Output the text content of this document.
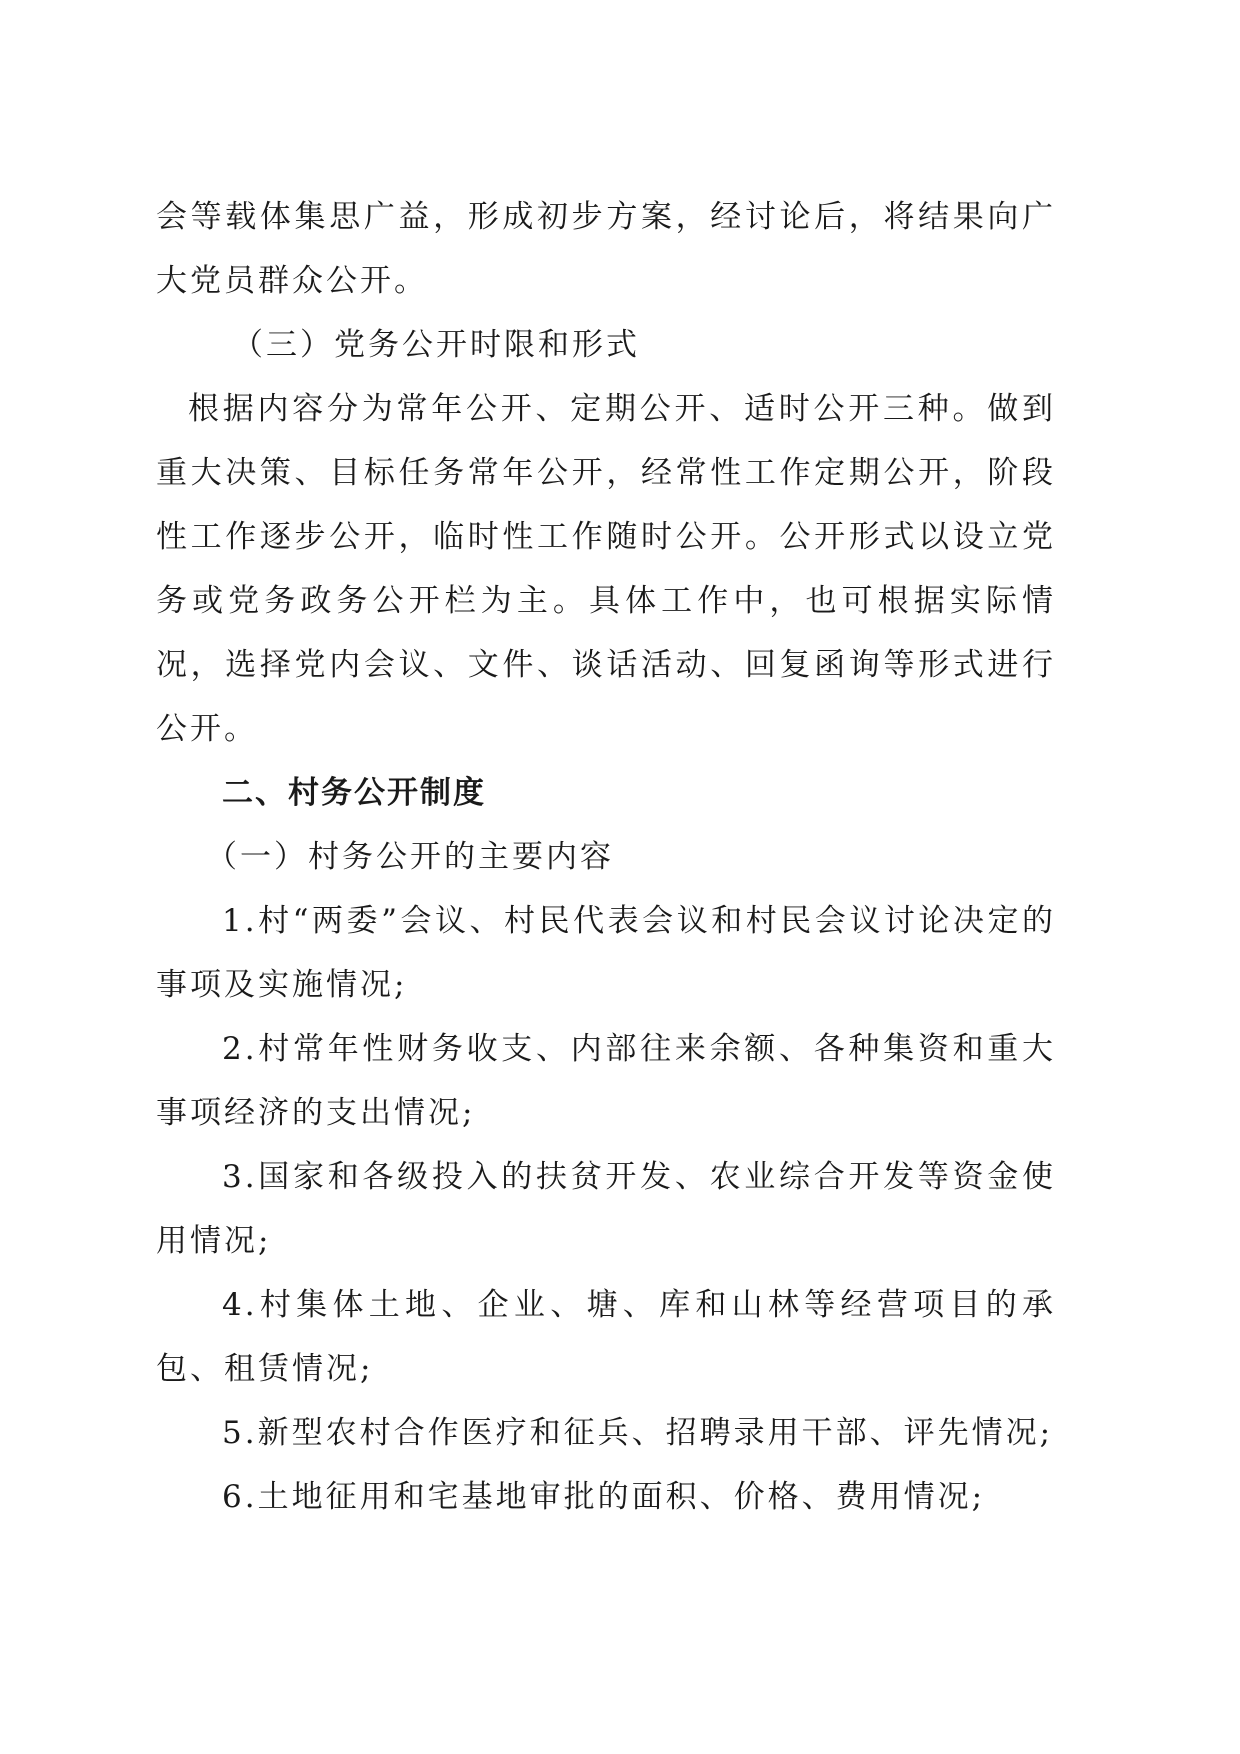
会等载体集思广益，形成初步方案，经讨论后，将结果向广大党员群众公开。

（三）党务公开时限和形式

根据内容分为常年公开、定期公开、适时公开三种。做到重大决策、目标任务常年公开，经常性工作定期公开，阶段性工作逐步公开，临时性工作随时公开。公开形式以设立党务或党务政务公开栏为主。具体工作中，也可根据实际情况，选择党内会议、文件、谈话活动、回复函询等形式进行公开。

二、村务公开制度

（一）村务公开的主要内容

1.村“两委”会议、村民代表会议和村民会议讨论决定的事项及实施情况;

2.村常年性财务收支、内部往来余额、各种集资和重大事项经济的支出情况;

3.国家和各级投入的扶贫开发、农业综合开发等资金使用情况;

4.村集体土地、企业、塘、库和山林等经营项目的承包、租赁情况;

5.新型农村合作医疗和征兵、招聘录用干部、评先情况;

6.土地征用和宅基地审批的面积、价格、费用情况;
